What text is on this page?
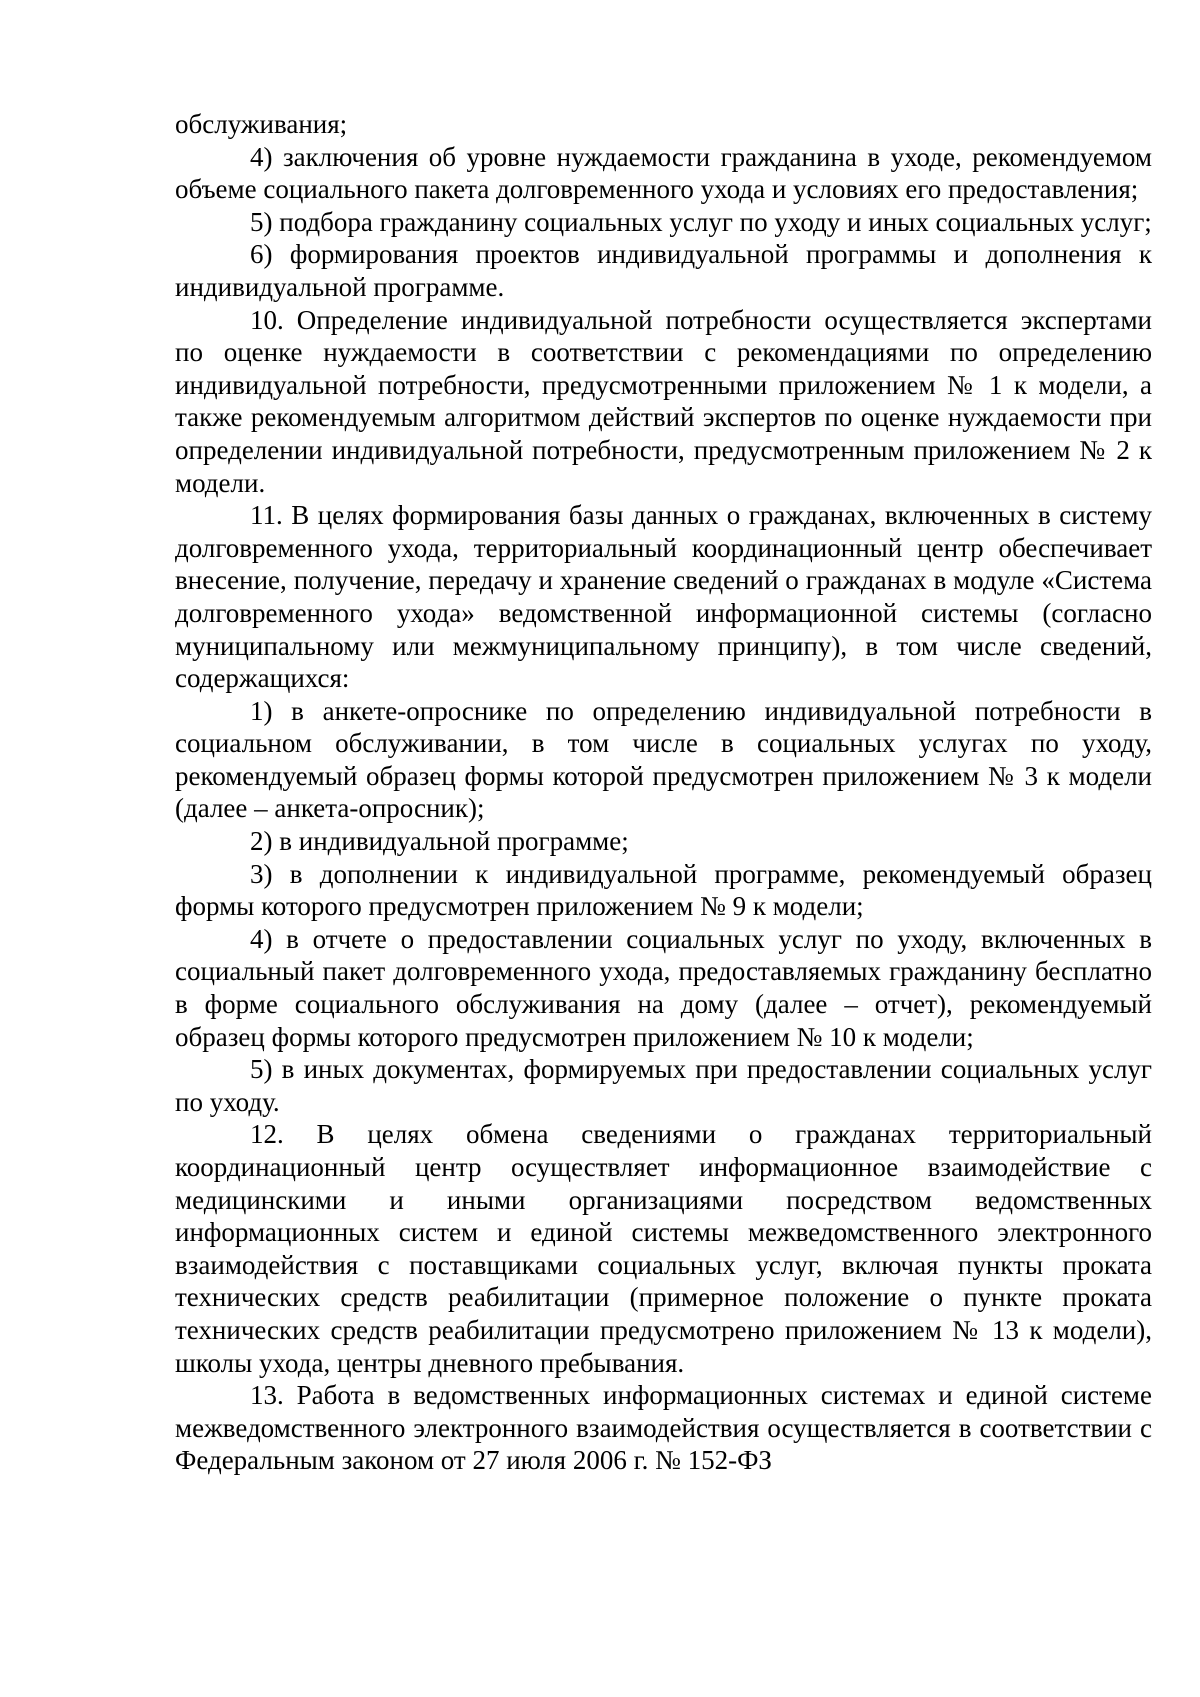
обслуживания;

4) заключения об уровне нуждаемости гражданина в уходе, рекомендуемом объеме социального пакета долговременного ухода и условиях его предоставления;

5) подбора гражданину социальных услуг по уходу и иных социальных услуг;

6) формирования проектов индивидуальной программы и дополнения к индивидуальной программе.

10. Определение индивидуальной потребности осуществляется экспертами по оценке нуждаемости в соответствии с рекомендациями по определению индивидуальной потребности, предусмотренными приложением № 1 к модели, а также рекомендуемым алгоритмом действий экспертов по оценке нуждаемости при определении индивидуальной потребности, предусмотренным приложением № 2 к модели.

11. В целях формирования базы данных о гражданах, включенных в систему долговременного ухода, территориальный координационный центр обеспечивает внесение, получение, передачу и хранение сведений о гражданах в модуле «Система долговременного ухода» ведомственной информационной системы (согласно муниципальному или межмуниципальному принципу), в том числе сведений, содержащихся:

1) в анкете-опроснике по определению индивидуальной потребности в социальном обслуживании, в том числе в социальных услугах по уходу, рекомендуемый образец формы которой предусмотрен приложением № 3 к модели (далее – анкета-опросник);

2) в индивидуальной программе;

3) в дополнении к индивидуальной программе, рекомендуемый образец формы которого предусмотрен приложением № 9 к модели;

4) в отчете о предоставлении социальных услуг по уходу, включенных в социальный пакет долговременного ухода, предоставляемых гражданину бесплатно в форме социального обслуживания на дому (далее – отчет), рекомендуемый образец формы которого предусмотрен приложением № 10 к модели;

5) в иных документах, формируемых при предоставлении социальных услуг по уходу.

12. В целях обмена сведениями о гражданах территориальный координационный центр осуществляет информационное взаимодействие с медицинскими и иными организациями посредством ведомственных информационных систем и единой системы межведомственного электронного взаимодействия с поставщиками социальных услуг, включая пункты проката технических средств реабилитации (примерное положение о пункте проката технических средств реабилитации предусмотрено приложением № 13 к модели), школы ухода, центры дневного пребывания.

13. Работа в ведомственных информационных системах и единой системе межведомственного электронного взаимодействия осуществляется в соответствии с Федеральным законом от 27 июля 2006 г. № 152-ФЗ
